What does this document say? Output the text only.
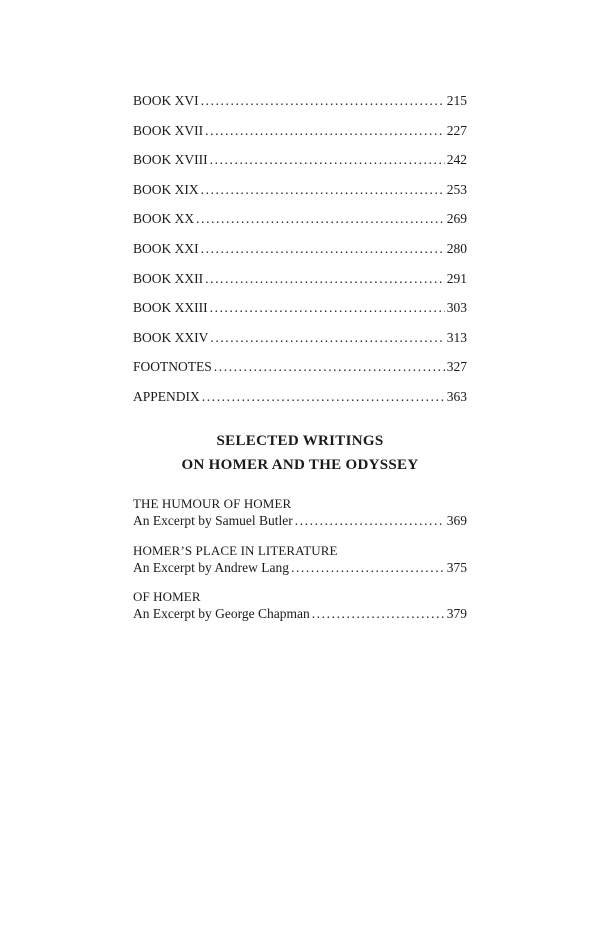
BOOK XVI .....	215
BOOK XVII .....	227
BOOK XVIII .....	242
BOOK XIX .....	253
BOOK XX .....	269
BOOK XXI .....	280
BOOK XXII .....	291
BOOK XXIII .....	303
BOOK XXIV .....	313
FOOTNOTES .....	327
APPENDIX .....	363
SELECTED WRITINGS
ON HOMER AND THE ODYSSEY
THE HUMOUR OF HOMER
An Excerpt by Samuel Butler .....	369
HOMER’S PLACE IN LITERATURE
An Excerpt by Andrew Lang .....	375
OF HOMER
An Excerpt by George Chapman .....	379
